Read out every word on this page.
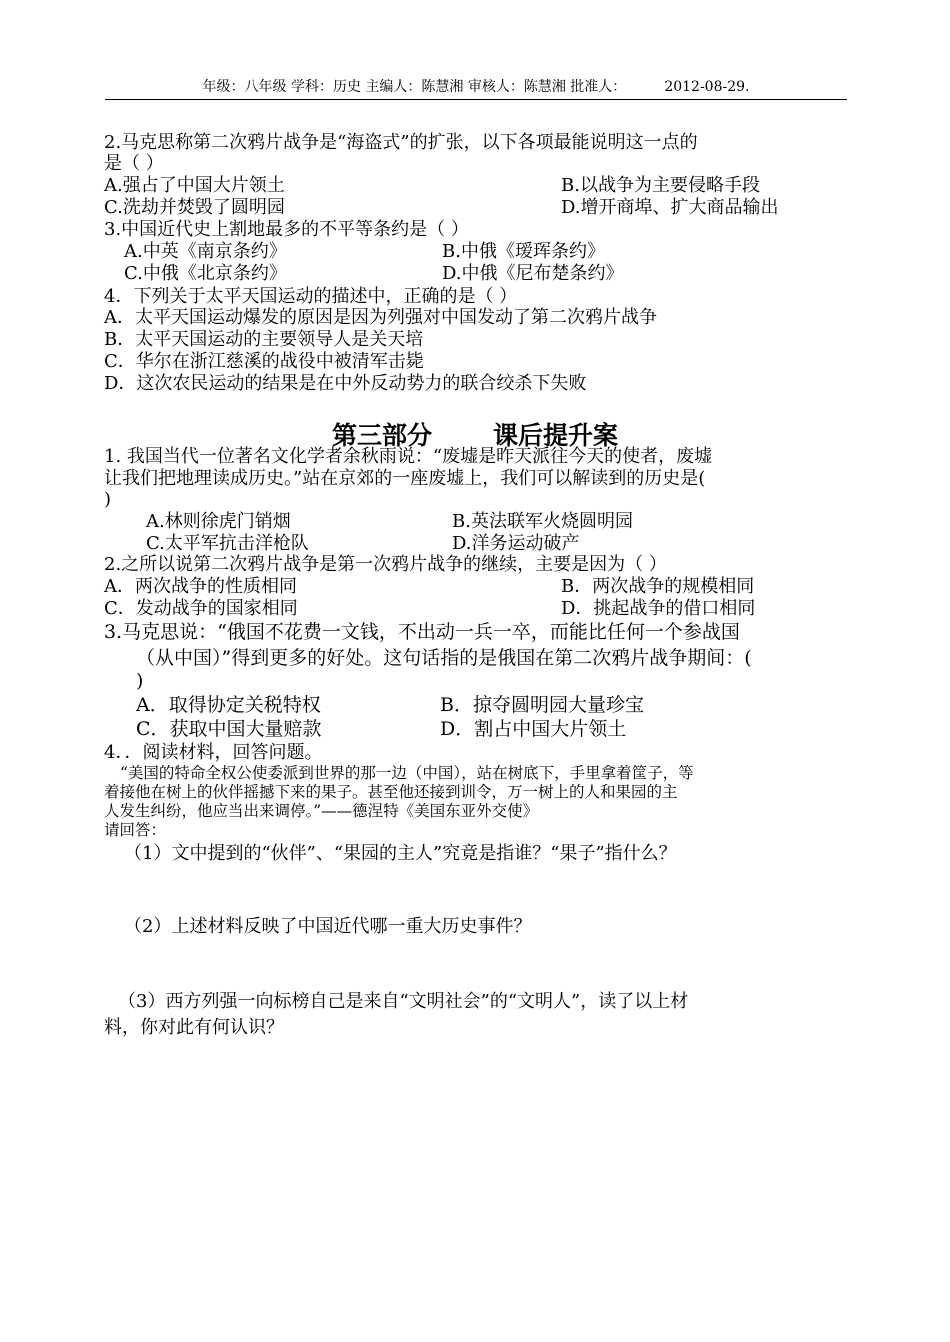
年级：八年级 学科：历史 主编人：陈慧湘 审核人：陈慧湘 批准人：	2012-08-29.
2.马克思称第二次鸦片战争是“海盗式”的扩张，以下各项最能说明这一点的
是（ ）
A.强占了中国大片领土	B.以战争为主要侵略手段
C.洗劫并焚毁了圆明园	D.增开商埠、扩大商品输出
3.中国近代史上割地最多的不平等条约是（ ）
A.中英《南京条约》	B.中俄《瑷珲条约》
C.中俄《北京条约》	D.中俄《尼布楚条约》
4．下列关于太平天国运动的描述中，正确的是（ ）
A．太平天国运动爆发的原因是因为列强对中国发动了第二次鸦片战争
B．太平天国运动的主要领导人是关天培
C．华尔在浙江慈溪的战役中被清军击毙
D．这次农民运动的结果是在中外反动势力的联合绞杀下失败
第三部分       课后提升案
1. 我国当代一位著名文化学者余秋雨说：“废墟是昨天派往今天的使者，废墟
让我们把地理读成历史。”站在京郊的一座废墟上，我们可以解读到的历史是(
)
A.林则徐虎门销烟	B.英法联军火烧圆明园
C.太平军抗击洋枪队	D.洋务运动破产
2.之所以说第二次鸦片战争是第一次鸦片战争的继续，主要是因为（ ）
A．两次战争的性质相同	B．两次战争的规模相同
C．发动战争的国家相同	D．挑起战争的借口相同
3.马克思说：“俄国不花费一文钱，不出动一兵一卒，而能比任何一个参战国
（从中国）”得到更多的好处。这句话指的是俄国在第二次鸦片战争期间：(
)
A．取得协定关税特权	B．掠夺圆明园大量珍宝
C．获取中国大量赔款	D．割占中国大片领土
4．．阅读材料，回答问题。
“美国的特命全权公使委派到世界的那一边（中国），站在树底下，手里拿着筐子，等
着接他在树上的伙伴摇撼下来的果子。甚至他还接到训令，万一树上的人和果园的主
人发生纠纷，他应当出来调停。”——德涅特《美国东亚外交使》
请回答：
（1）文中提到的“伙伴”、“果园的主人”究竟是指谁？“果子”指什么？
（2）上述材料反映了中国近代哪一重大历史事件？
（3）西方列强一向标榜自己是来自“文明社会”的“文明人”，读了以上材
料，你对此有何认识？
